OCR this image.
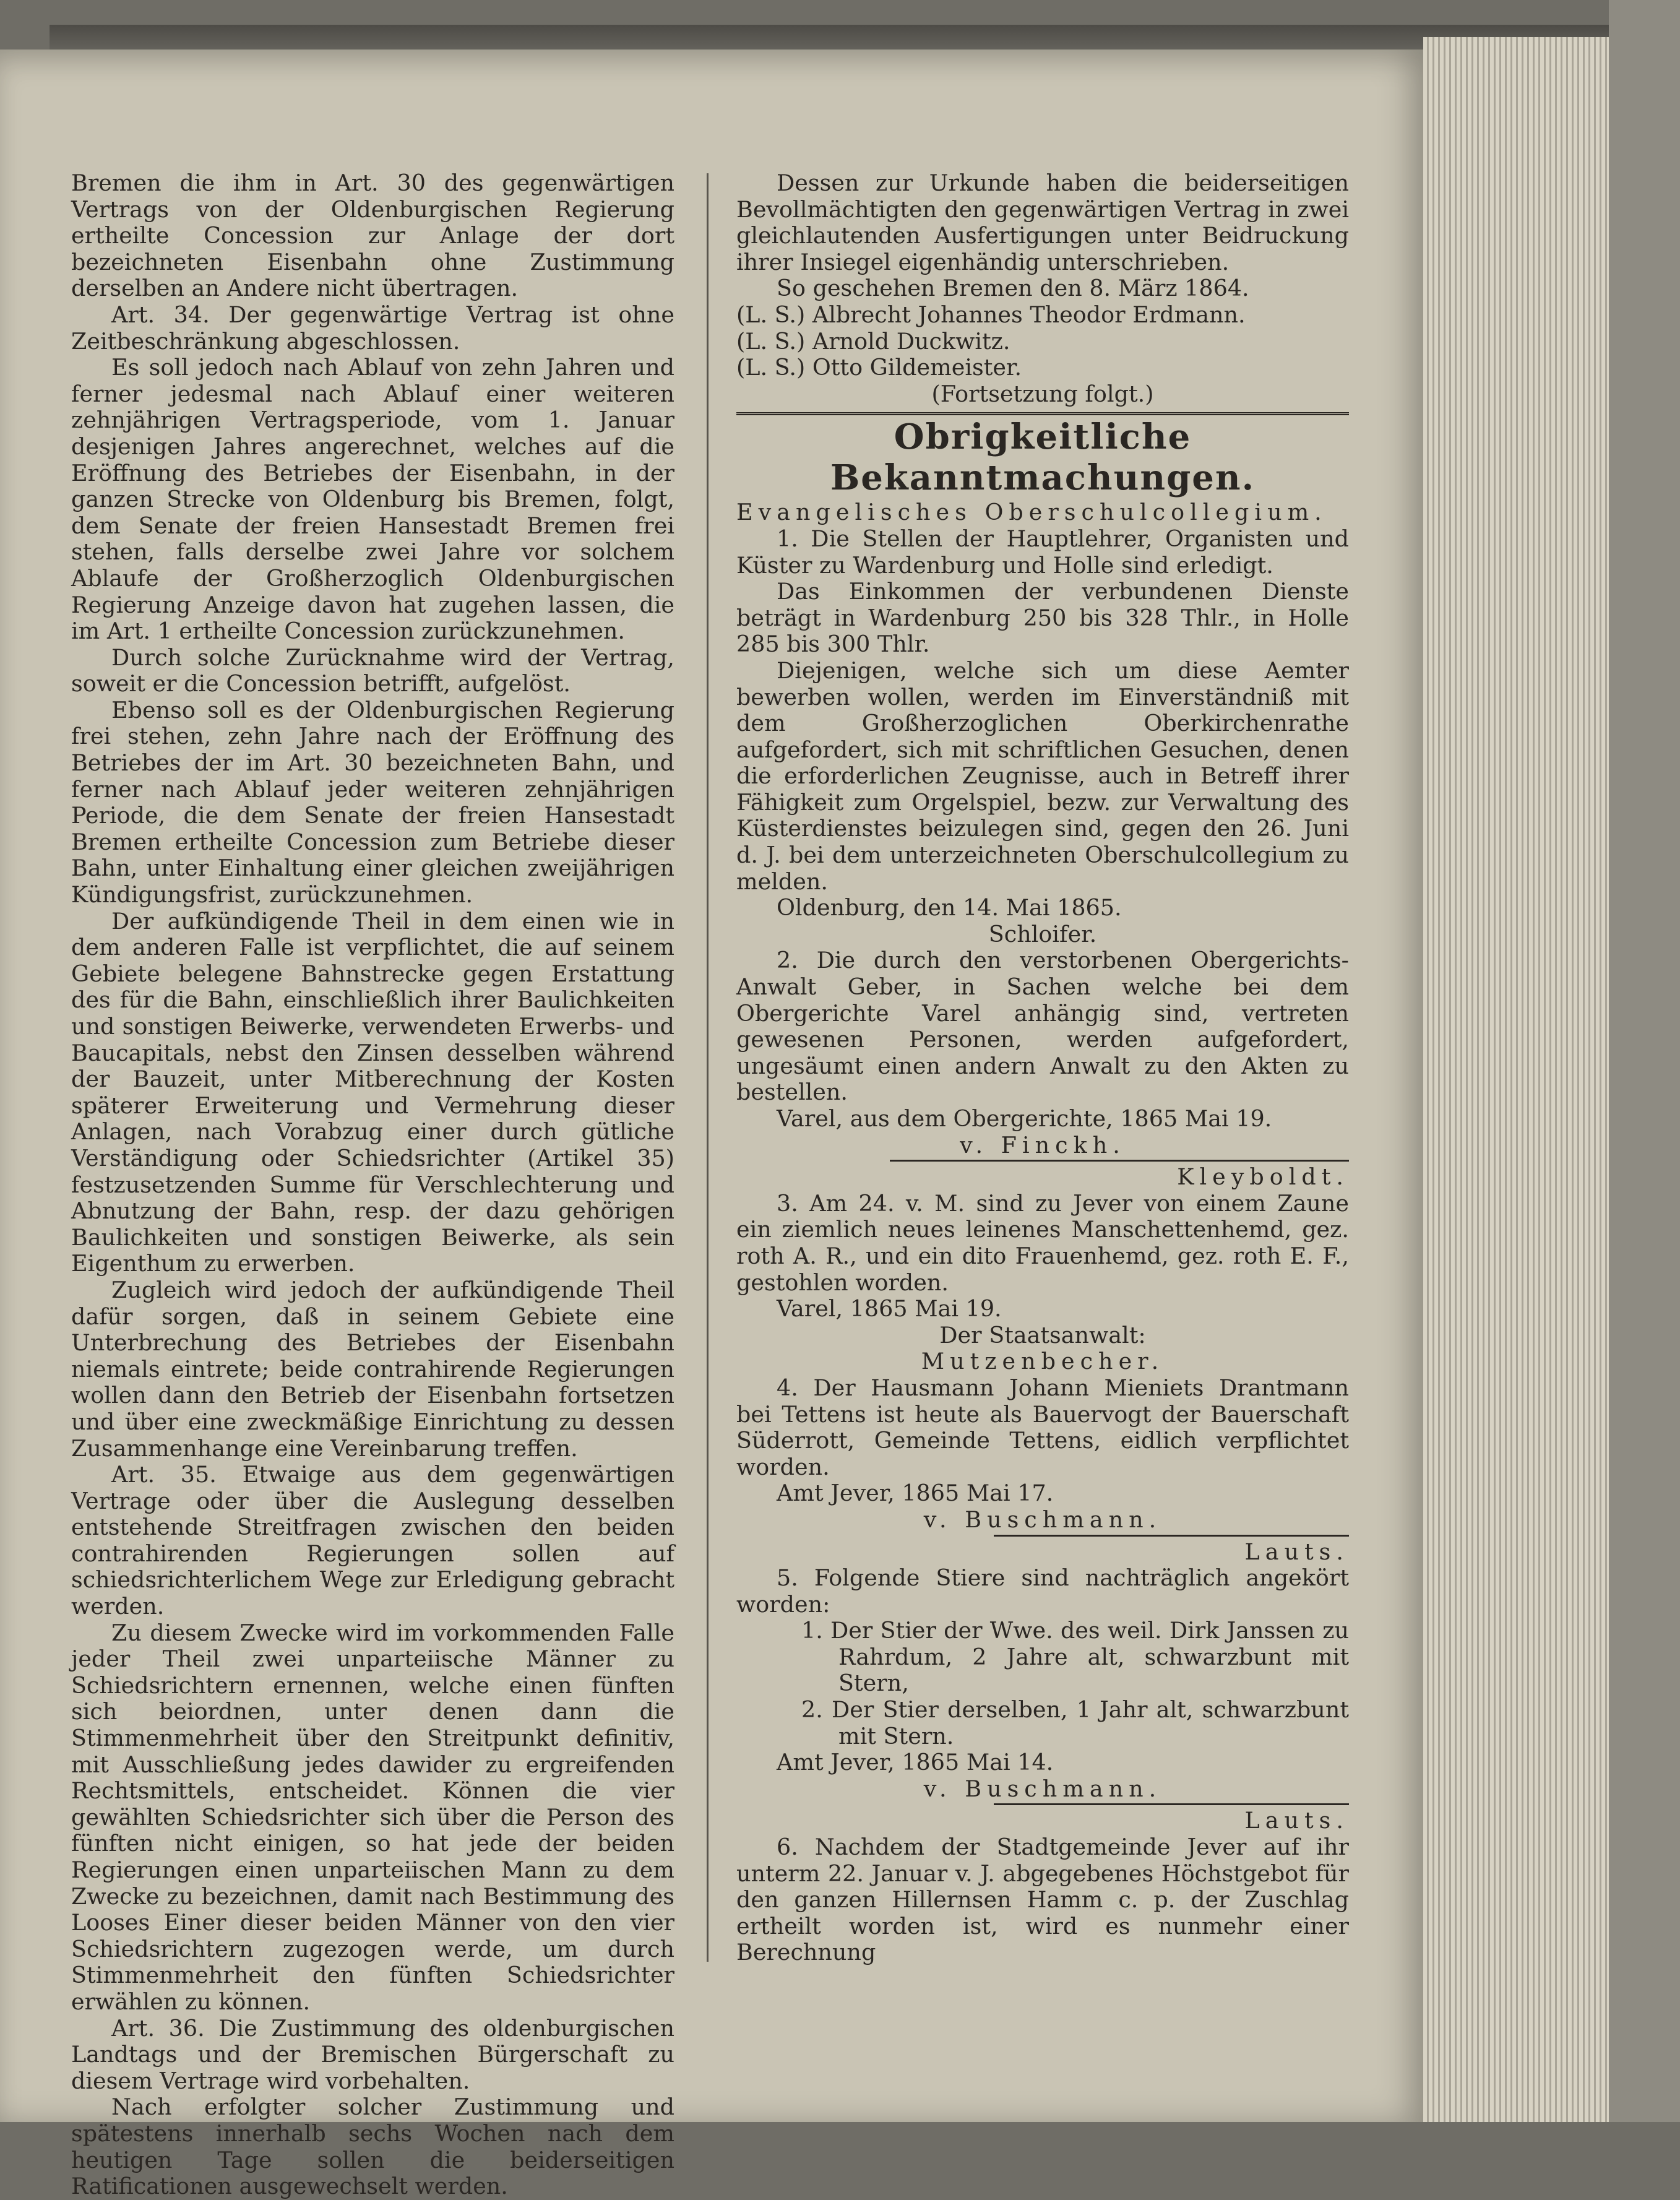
Bremen die ihm in Art. 30 des gegenwärtigen Vertrags von der Oldenburgischen Regierung ertheilte Concession zur Anlage der dort bezeichneten Eisenbahn ohne Zustimmung derselben an Andere nicht übertragen.

Art. 34. Der gegenwärtige Vertrag ist ohne Zeitbeschränkung abgeschlossen.

Es soll jedoch nach Ablauf von zehn Jahren und ferner jedesmal nach Ablauf einer weiteren zehnjährigen Vertragsperiode, vom 1. Januar desjenigen Jahres angerechnet, welches auf die Eröffnung des Betriebes der Eisenbahn, in der ganzen Strecke von Oldenburg bis Bremen, folgt, dem Senate der freien Hansestadt Bremen frei stehen, falls derselbe zwei Jahre vor solchem Ablaufe der Großherzoglich Oldenburgischen Regierung Anzeige davon hat zugehen lassen, die im Art. 1 ertheilte Concession zurückzunehmen.

Durch solche Zurücknahme wird der Vertrag, soweit er die Concession betrifft, aufgelöst.

Ebenso soll es der Oldenburgischen Regierung frei stehen, zehn Jahre nach der Eröffnung des Betriebes der im Art. 30 bezeichneten Bahn, und ferner nach Ablauf jeder weiteren zehnjährigen Periode, die dem Senate der freien Hansestadt Bremen ertheilte Concession zum Betriebe dieser Bahn, unter Einhaltung einer gleichen zweijährigen Kündigungsfrist, zurückzunehmen.

Der aufkündigende Theil in dem einen wie in dem anderen Falle ist verpflichtet, die auf seinem Gebiete belegene Bahnstrecke gegen Erstattung des für die Bahn, einschließlich ihrer Baulichkeiten und sonstigen Beiwerke, verwendeten Erwerbs- und Baucapitals, nebst den Zinsen desselben während der Bauzeit, unter Mitberechnung der Kosten späterer Erweiterung und Vermehrung dieser Anlagen, nach Vorabzug einer durch gütliche Verständigung oder Schiedsrichter (Artikel 35) festzusetzenden Summe für Verschlechterung und Abnutzung der Bahn, resp. der dazu gehörigen Baulichkeiten und sonstigen Beiwerke, als sein Eigenthum zu erwerben.

Zugleich wird jedoch der aufkündigende Theil dafür sorgen, daß in seinem Gebiete eine Unterbrechung des Betriebes der Eisenbahn niemals eintrete; beide contrahirende Regierungen wollen dann den Betrieb der Eisenbahn fortsetzen und über eine zweckmäßige Einrichtung zu dessen Zusammenhange eine Vereinbarung treffen.

Art. 35. Etwaige aus dem gegenwärtigen Vertrage oder über die Auslegung desselben entstehende Streitfragen zwischen den beiden contrahirenden Regierungen sollen auf schiedsrichterlichem Wege zur Erledigung gebracht werden.

Zu diesem Zwecke wird im vorkommenden Falle jeder Theil zwei unparteiische Männer zu Schiedsrichtern ernennen, welche einen fünften sich beiordnen, unter denen dann die Stimmenmehrheit über den Streitpunkt definitiv, mit Ausschließung jedes dawider zu ergreifenden Rechtsmittels, entscheidet. Können die vier gewählten Schiedsrichter sich über die Person des fünften nicht einigen, so hat jede der beiden Regierungen einen unparteiischen Mann zu dem Zwecke zu bezeichnen, damit nach Bestimmung des Looses Einer dieser beiden Männer von den vier Schiedsrichtern zugezogen werde, um durch Stimmenmehrheit den fünften Schiedsrichter erwählen zu können.

Art. 36. Die Zustimmung des oldenburgischen Landtags und der Bremischen Bürgerschaft zu diesem Vertrage wird vorbehalten.

Nach erfolgter solcher Zustimmung und spätestens innerhalb sechs Wochen nach dem heutigen Tage sollen die beiderseitigen Ratificationen ausgewechselt werden.

Dessen zur Urkunde haben die beiderseitigen Bevollmächtigten den gegenwärtigen Vertrag in zwei gleichlautenden Ausfertigungen unter Beidruckung ihrer Insiegel eigenhändig unterschrieben.

So geschehen Bremen den 8. März 1864.

(L. S.) Albrecht Johannes Theodor Erdmann.

(L. S.) Arnold Duckwitz.

(L. S.) Otto Gildemeister.

(Fortsetzung folgt.)

Obrigkeitliche Bekanntmachungen.

Evangelisches Oberschulcollegium.

1. Die Stellen der Hauptlehrer, Organisten und Küster zu Wardenburg und Holle sind erledigt.

Das Einkommen der verbundenen Dienste beträgt in Wardenburg 250 bis 328 Thlr., in Holle 285 bis 300 Thlr.

Diejenigen, welche sich um diese Aemter bewerben wollen, werden im Einverständniß mit dem Großherzoglichen Oberkirchenrathe aufgefordert, sich mit schriftlichen Gesuchen, denen die erforderlichen Zeugnisse, auch in Betreff ihrer Fähigkeit zum Orgelspiel, bezw. zur Verwaltung des Küsterdienstes beizulegen sind, gegen den 26. Juni d. J. bei dem unterzeichneten Oberschulcollegium zu melden.

Oldenburg, den 14. Mai 1865.

Schloifer.

2. Die durch den verstorbenen Obergerichts-Anwalt Geber, in Sachen welche bei dem Obergerichte Varel anhängig sind, vertreten gewesenen Personen, werden aufgefordert, ungesäumt einen andern Anwalt zu den Akten zu bestellen.

Varel, aus dem Obergerichte, 1865 Mai 19.

v. Finckh.

Kleyboldt.

3. Am 24. v. M. sind zu Jever von einem Zaune ein ziemlich neues leinenes Manschettenhemd, gez. roth A. R., und ein dito Frauenhemd, gez. roth E. F., gestohlen worden.

Varel, 1865 Mai 19.

Der Staatsanwalt:

Mutzenbecher.

4. Der Hausmann Johann Mieniets Drantmann bei Tettens ist heute als Bauervogt der Bauerschaft Süderrott, Gemeinde Tettens, eidlich verpflichtet worden.

Amt Jever, 1865 Mai 17.

v. Buschmann.

Lauts.

5. Folgende Stiere sind nachträglich angekört worden:

1. Der Stier der Wwe. des weil. Dirk Janssen zu Rahrdum, 2 Jahre alt, schwarzbunt mit Stern,

2. Der Stier derselben, 1 Jahr alt, schwarzbunt mit Stern.

Amt Jever, 1865 Mai 14.

v. Buschmann.

Lauts.

6. Nachdem der Stadtgemeinde Jever auf ihr unterm 22. Januar v. J. abgegebenes Höchstgebot für den ganzen Hillernsen Hamm c. p. der Zuschlag ertheilt worden ist, wird es nunmehr einer Berechnung
